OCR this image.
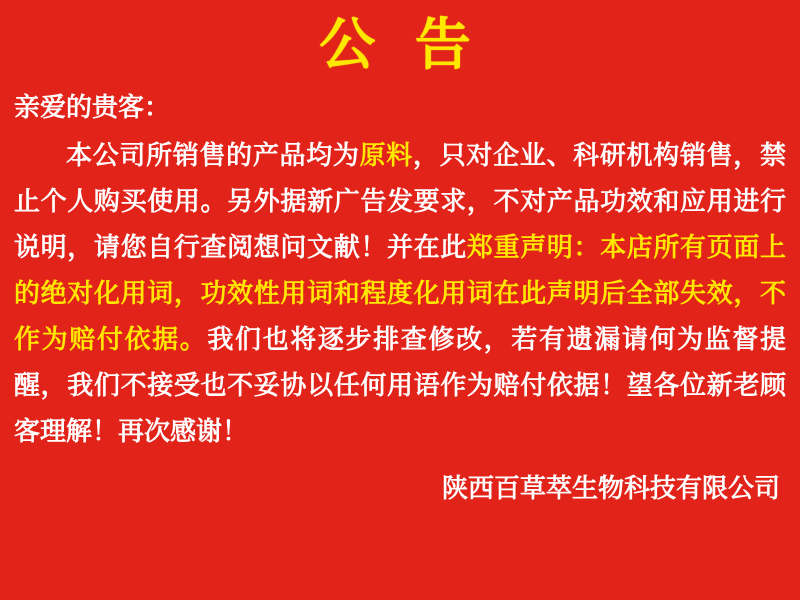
公 告
亲爱的贵客：
本公司所销售的产品均为原料，只对企业、科研机构销售，禁止个人购买使用。另外据新广告发要求，不对产品功效和应用进行说明，请您自行查阅想问文献！并在此郑重声明：本店所有页面上的绝对化用词，功效性用词和程度化用词在此声明后全部失效，不作为赔付依据。我们也将逐步排查修改，若有遗漏请何为监督提醒，我们不接受也不妥协以任何用语作为赔付依据！望各位新老顾客理解！再次感谢！
陕西百草萃生物科技有限公司
